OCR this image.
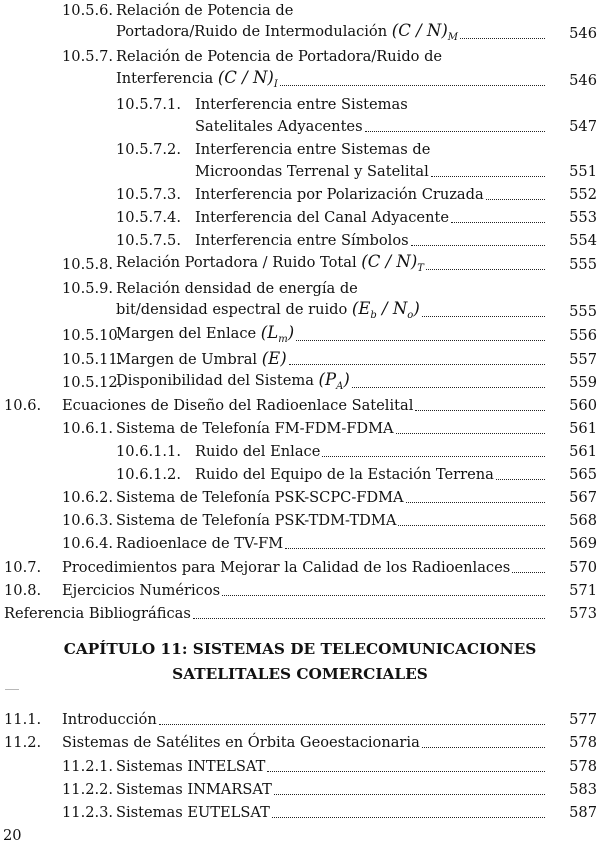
10.5.6. Relación de Potencia de
Portadora/Ruido de Intermodulación $(C / N)_M$	546
10.5.7. Relación de Potencia de Portadora/Ruido de
Interferencia $(C / N)_I$	546
10.5.7.1. Interferencia entre Sistemas
Satelitales Adyacentes	547
10.5.7.2. Interferencia entre Sistemas de
Microondas Terrenal y Satelital	551
10.5.7.3. Interferencia por Polarización Cruzada	552
10.5.7.4. Interferencia del Canal Adyacente	553
10.5.7.5. Interferencia entre Símbolos	554
10.5.8. Relación Portadora / Ruido Total $(C / N)_T$	555
10.5.9. Relación densidad de energía de
bit/densidad espectral de ruido $(E_b / N_o)$	555
10.5.10.
Margen del Enlace $(L_m)$	556
10.5.11.
Margen de Umbral (E)	557
10.5.12.
Disponibilidad del Sistema $(P_A)$	559
10.6. Ecuaciones de Diseño del Radioenlace Satelital	560
10.6.1. Sistema de Telefonía FM-FDM-FDMA	561
10.6.1.1. Ruido del Enlace	561
10.6.1.2. Ruido del Equipo de la Estación Terrena	565
10.6.2. Sistema de Telefonía PSK-SCPC-FDMA	567
10.6.3. Sistema de Telefonía PSK-TDM-TDMA	568
10.6.4. Radioenlace de TV-FM	569
10.7. Procedimientos para Mejorar la Calidad de los Radioenlaces	570
10.8. Ejercicios Numéricos	571
Referencia Bibliográficas	573
CAPÍTULO 11: SISTEMAS DE TELECOMUNICACIONES
SATELITALES COMERCIALES
11.1. Introducción	577
11.2. Sistemas de Satélites en Órbita Geoestacionaria	578
11.2.1. Sistemas INTELSAT	578
11.2.2. Sistemas INMARSAT	583
11.2.3. Sistemas EUTELSAT	587
20
